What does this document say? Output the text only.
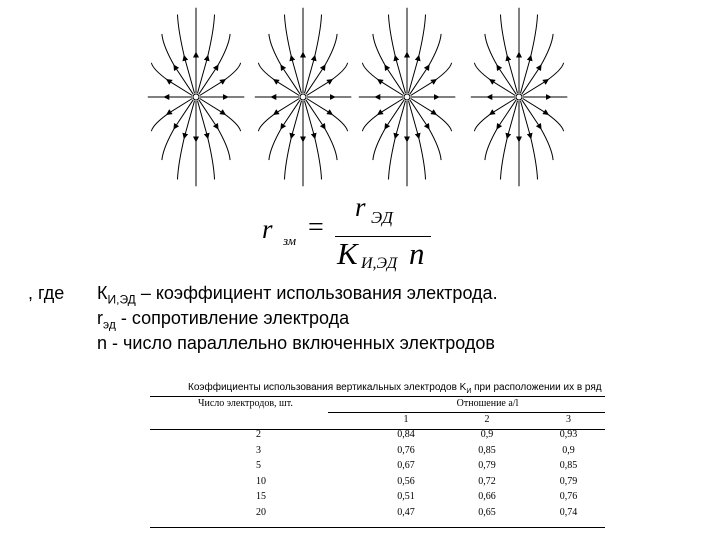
r зм =
r ЭД
K И,ЭД n
, где $К_{И,ЭД}$ – коэффициент использования электрода.
$r_{эд}$ - сопротивление электрода
n - число параллельно включенных электродов
Коэффициенты использования вертикальных электродов $K_И$ при расположении их в ряд
Число электродов, шт.	Отношение a/l		
	1	2	3
2	0,84	0,9	0,93
3	0,76	0,85	0,9
5	0,67	0,79	0,85
10	0,56	0,72	0,79
15	0,51	0,66	0,76
20	0,47	0,65	0,74
